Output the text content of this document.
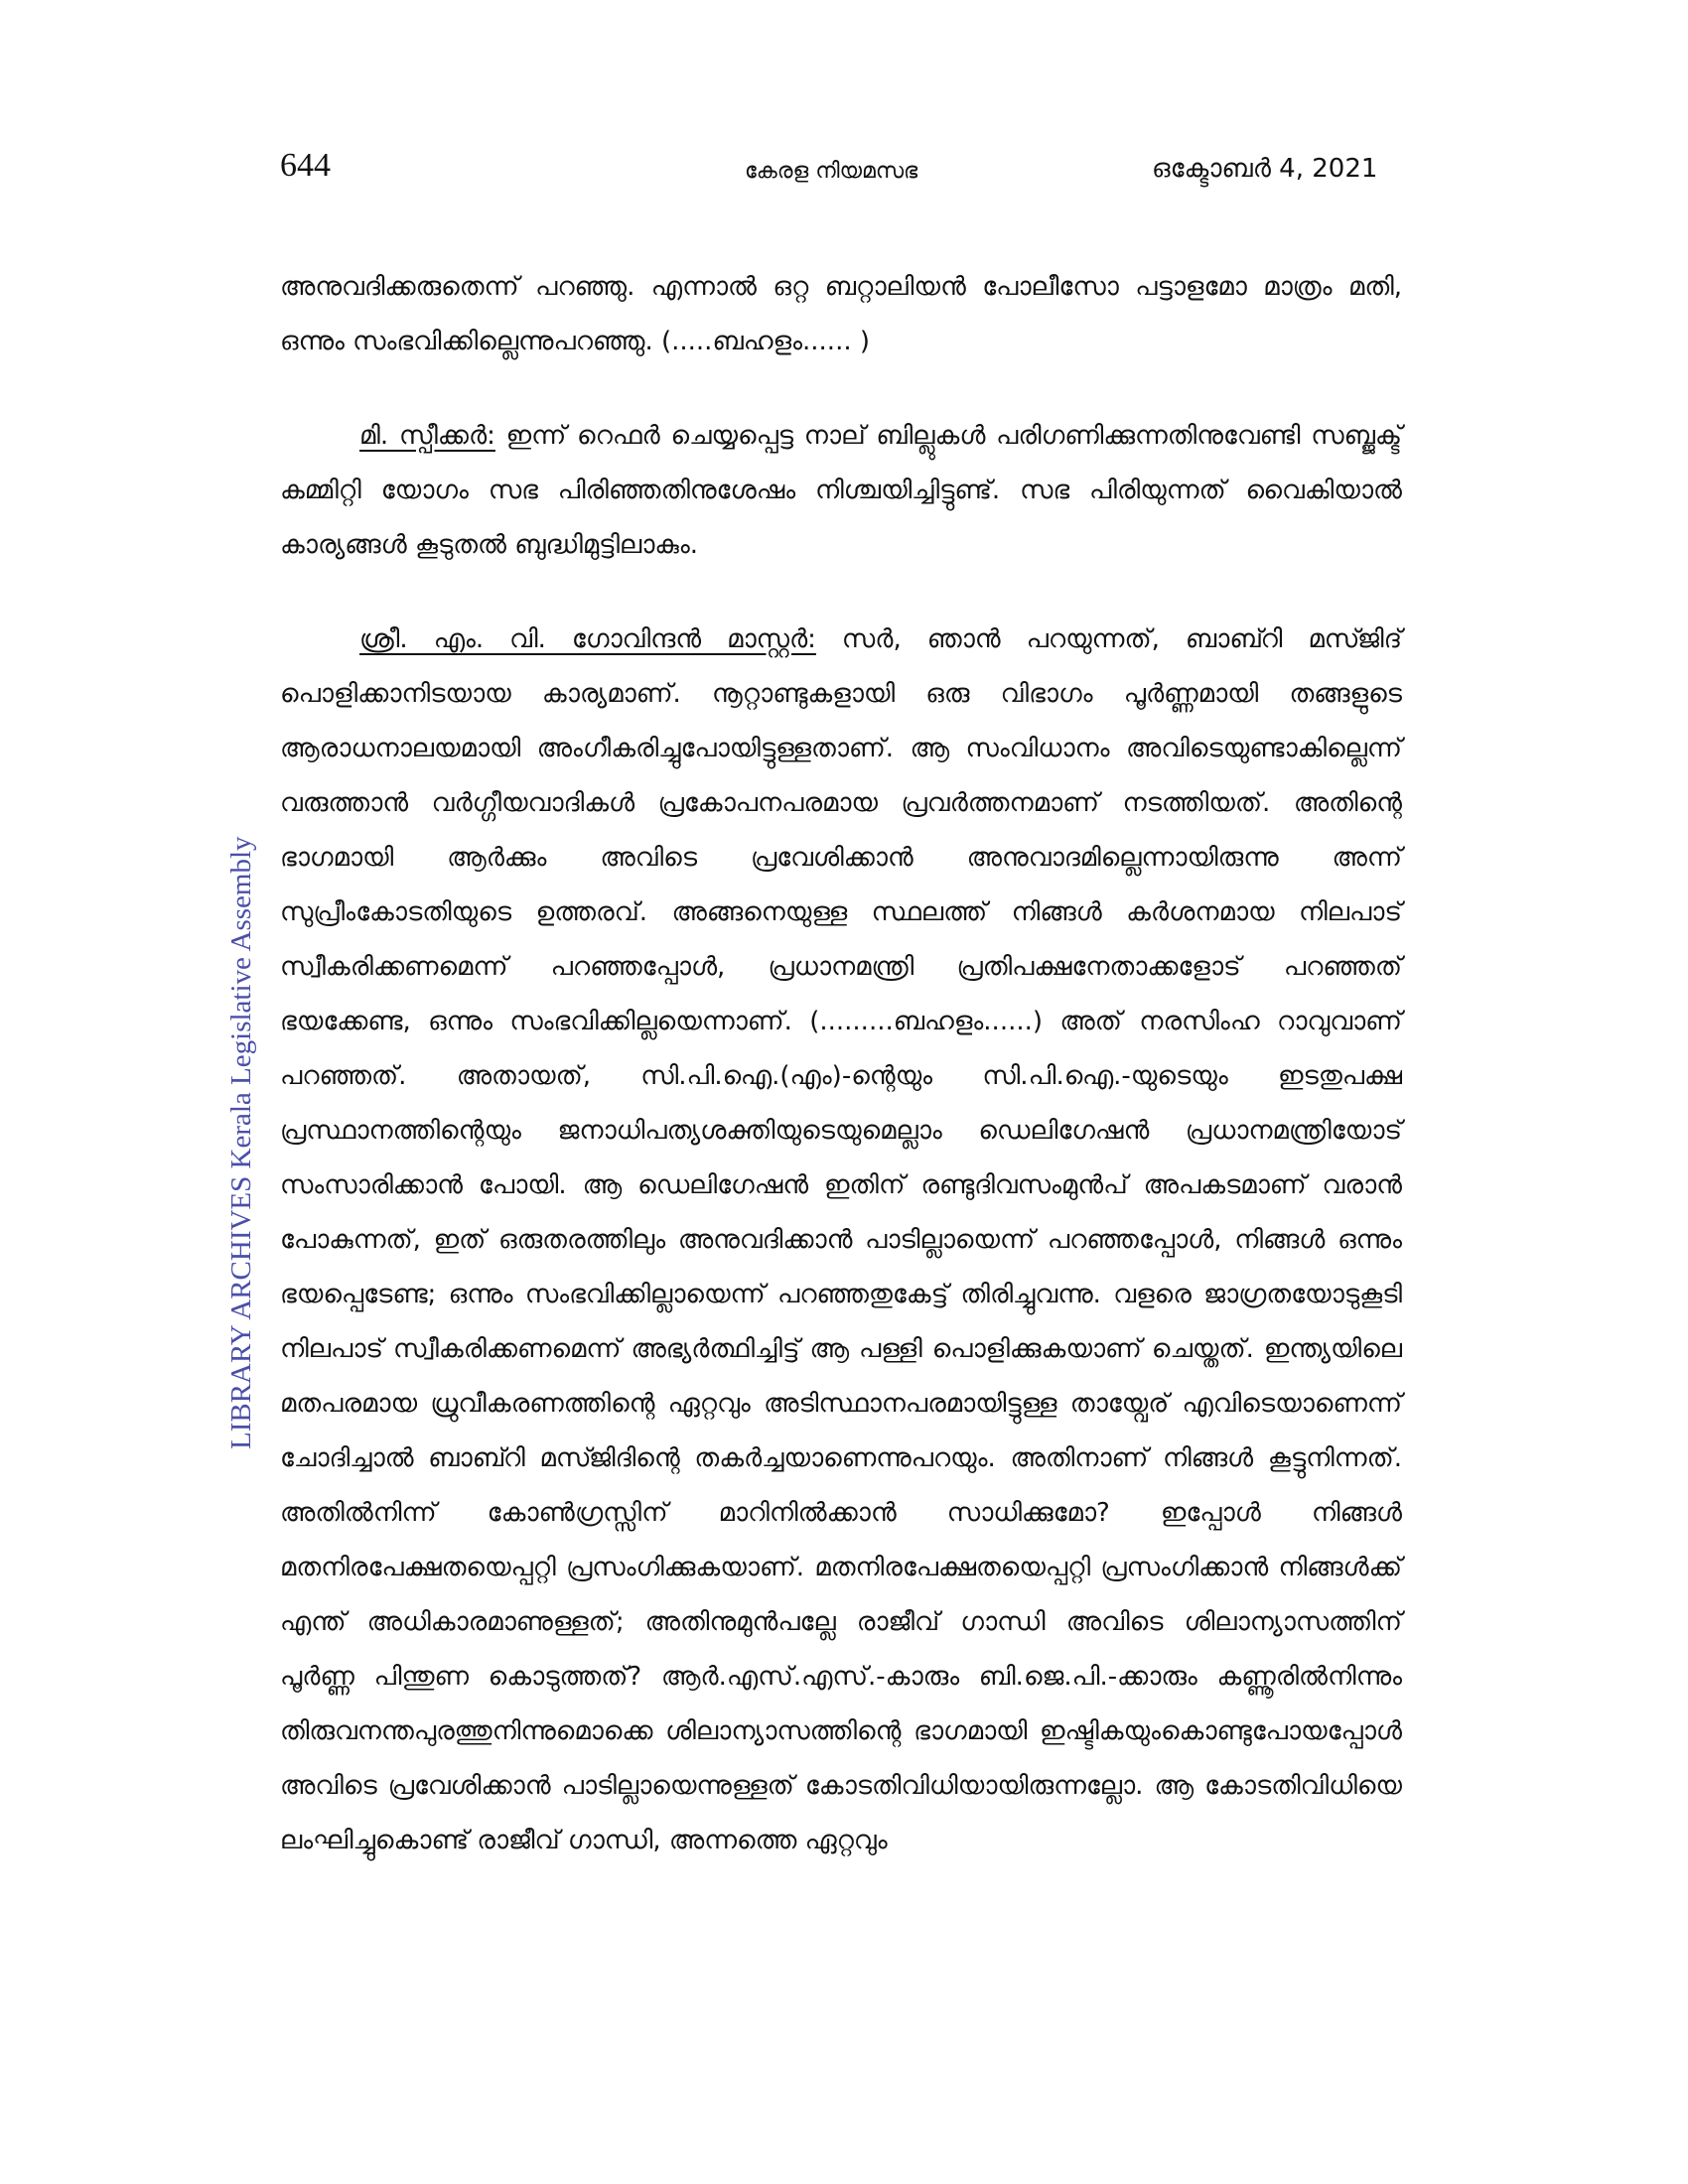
644	കേരള നിയമസഭ	ഒക്ടോബർ 4, 2021
LIBRARY ARCHIVES Kerala Legislative Assembly
അനുവദിക്കരുതെന്ന് പറഞ്ഞു. എന്നാൽ ഒറ്റ ബറ്റാലിയൻ പോലീസോ പട്ടാളമോ മാത്രം മതി, ഒന്നും സംഭവിക്കില്ലെന്നുപറഞ്ഞു. (.....ബഹളം...... )
മി. സ്പീക്കർ: ഇന്ന് റെഫർ ചെയ്യപ്പെട്ട നാല് ബില്ലുകൾ പരിഗണിക്കുന്നതിനുവേണ്ടി സബ്ജക്ട് കമ്മിറ്റി യോഗം സഭ പിരിഞ്ഞതിനുശേഷം നിശ്ചയിച്ചിട്ടുണ്ട്. സഭ പിരിയുന്നത് വൈകിയാൽ കാര്യങ്ങൾ കൂടുതൽ ബുദ്ധിമുട്ടിലാകും.
ശ്രീ. എം. വി. ഗോവിന്ദൻ മാസ്റ്റർ: സർ, ഞാൻ പറയുന്നത്, ബാബ്റി മസ്ജിദ് പൊളിക്കാനിടയായ കാര്യമാണ്. നൂറ്റാണ്ടുകളായി ഒരു വിഭാഗം പൂർണ്ണമായി തങ്ങളുടെ ആരാധനാലയമായി അംഗീകരിച്ചുപോയിട്ടുള്ളതാണ്. ആ സംവിധാനം അവിടെയുണ്ടാകില്ലെന്ന് വരുത്താൻ വർഗ്ഗീയവാദികൾ പ്രകോപനപരമായ പ്രവർത്തനമാണ് നടത്തിയത്. അതിന്റെ ഭാഗമായി ആർക്കും അവിടെ പ്രവേശിക്കാൻ അനുവാദമില്ലെന്നായിരുന്നു അന്ന് സുപ്രീംകോടതിയുടെ ഉത്തരവ്. അങ്ങനെയുള്ള സ്ഥലത്ത് നിങ്ങൾ കർശനമായ നിലപാട് സ്വീകരിക്കണമെന്ന് പറഞ്ഞപ്പോൾ, പ്രധാനമന്ത്രി പ്രതിപക്ഷനേതാക്കളോട് പറഞ്ഞത് ഭയക്കേണ്ട, ഒന്നും സംഭവിക്കില്ലയെന്നാണ്. (.........ബഹളം......) അത് നരസിംഹ റാവുവാണ് പറഞ്ഞത്. അതായത്, സി.പി.ഐ.(എം)-ന്റെയും സി.പി.ഐ.-യുടെയും ഇടതുപക്ഷ പ്രസ്ഥാനത്തിന്റെയും ജനാധിപത്യശക്തിയുടെയുമെല്ലാം ഡെലിഗേഷൻ പ്രധാനമന്ത്രിയോട് സംസാരിക്കാൻ പോയി. ആ ഡെലിഗേഷൻ ഇതിന് രണ്ടുദിവസംമുൻപ് അപകടമാണ് വരാൻ പോകുന്നത്, ഇത് ഒരുതരത്തിലും അനുവദിക്കാൻ പാടില്ലായെന്ന് പറഞ്ഞപ്പോൾ, നിങ്ങൾ ഒന്നും ഭയപ്പെടേണ്ട; ഒന്നും സംഭവിക്കില്ലായെന്ന് പറഞ്ഞതുകേട്ട് തിരിച്ചുവന്നു. വളരെ ജാഗ്രതയോടുകൂടി നിലപാട് സ്വീകരിക്കണമെന്ന് അഭ്യർത്ഥിച്ചിട്ട് ആ പള്ളി പൊളിക്കുകയാണ് ചെയ്തത്. ഇന്ത്യയിലെ മതപരമായ ധ്രുവീകരണത്തിന്റെ ഏറ്റവും അടിസ്ഥാനപരമായിട്ടുള്ള തായ്വേര് എവിടെയാണെന്ന് ചോദിച്ചാൽ ബാബ്റി മസ്ജിദിന്റെ തകർച്ചയാണെന്നുപറയും. അതിനാണ് നിങ്ങൾ കൂട്ടുനിന്നത്. അതിൽനിന്ന് കോൺഗ്രസ്സിന് മാറിനിൽക്കാൻ സാധിക്കുമോ? ഇപ്പോൾ നിങ്ങൾ മതനിരപേക്ഷതയെപ്പറ്റി പ്രസംഗിക്കുകയാണ്. മതനിരപേക്ഷതയെപ്പറ്റി പ്രസംഗിക്കാൻ നിങ്ങൾക്ക് എന്ത് അധികാരമാണുള്ളത്; അതിനുമുൻപല്ലേ രാജീവ് ഗാന്ധി അവിടെ ശിലാന്യാസത്തിന് പൂർണ്ണ പിന്തുണ കൊടുത്തത്? ആർ.എസ്.എസ്.-കാരും ബി.ജെ.പി.-ക്കാരും കണ്ണൂരിൽനിന്നും തിരുവനന്തപുരത്തുനിന്നുമൊക്കെ ശിലാന്യാസത്തിന്റെ ഭാഗമായി ഇഷ്ടികയുംകൊണ്ടുപോയപ്പോൾ അവിടെ പ്രവേശിക്കാൻ പാടില്ലായെന്നുള്ളത് കോടതിവിധിയായിരുന്നല്ലോ. ആ കോടതിവിധിയെ ലംഘിച്ചുകൊണ്ട് രാജീവ് ഗാന്ധി, അന്നത്തെ ഏറ്റവും
